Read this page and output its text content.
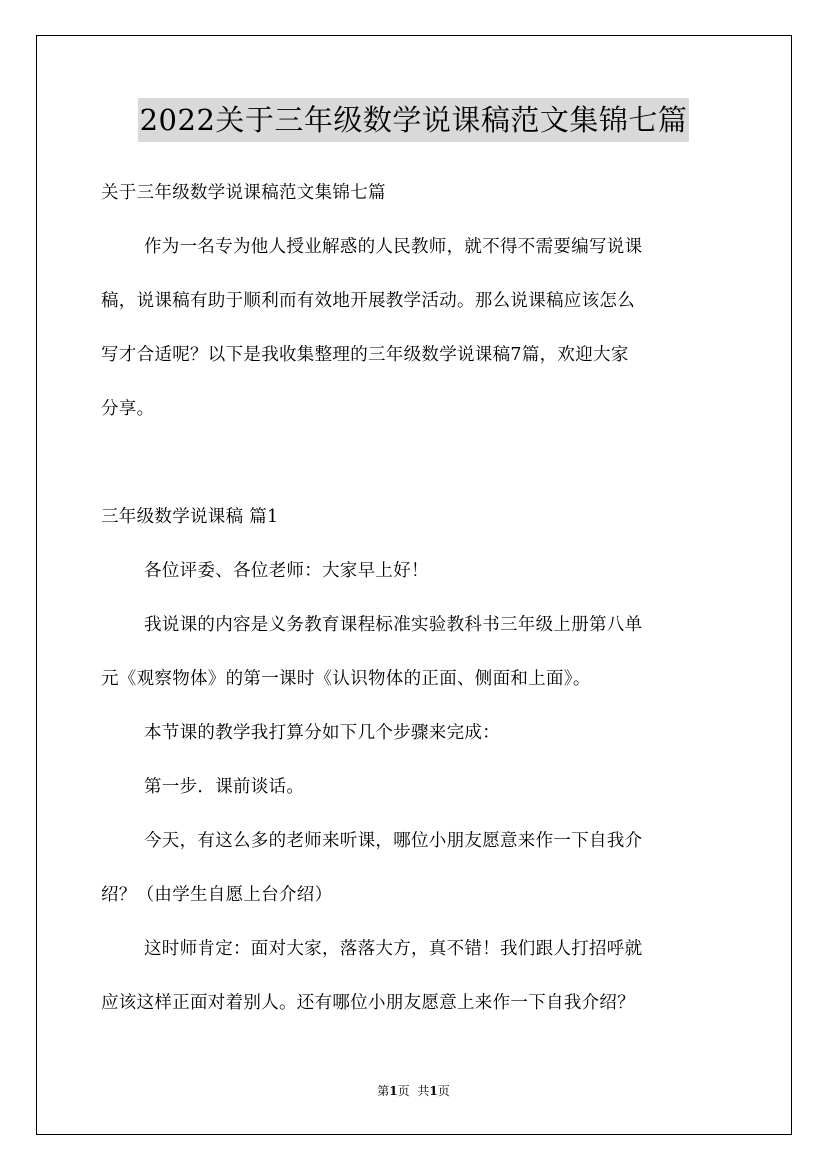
2022关于三年级数学说课稿范文集锦七篇
关于三年级数学说课稿范文集锦七篇
作为一名专为他人授业解惑的人民教师，就不得不需要编写说课
稿，说课稿有助于顺利而有效地开展教学活动。那么说课稿应该怎么
写才合适呢？以下是我收集整理的三年级数学说课稿7篇，欢迎大家
分享。
三年级数学说课稿 篇1
各位评委、各位老师：大家早上好！
我说课的内容是义务教育课程标准实验教科书三年级上册第八单
元《观察物体》的第一课时《认识物体的正面、侧面和上面》。
本节课的教学我打算分如下几个步骤来完成：
第一步．课前谈话。
今天，有这么多的老师来听课，哪位小朋友愿意来作一下自我介
绍？（由学生自愿上台介绍）
这时师肯定：面对大家，落落大方，真不错！我们跟人打招呼就
应该这样正面对着别人。还有哪位小朋友愿意上来作一下自我介绍？
第1页 共1页
